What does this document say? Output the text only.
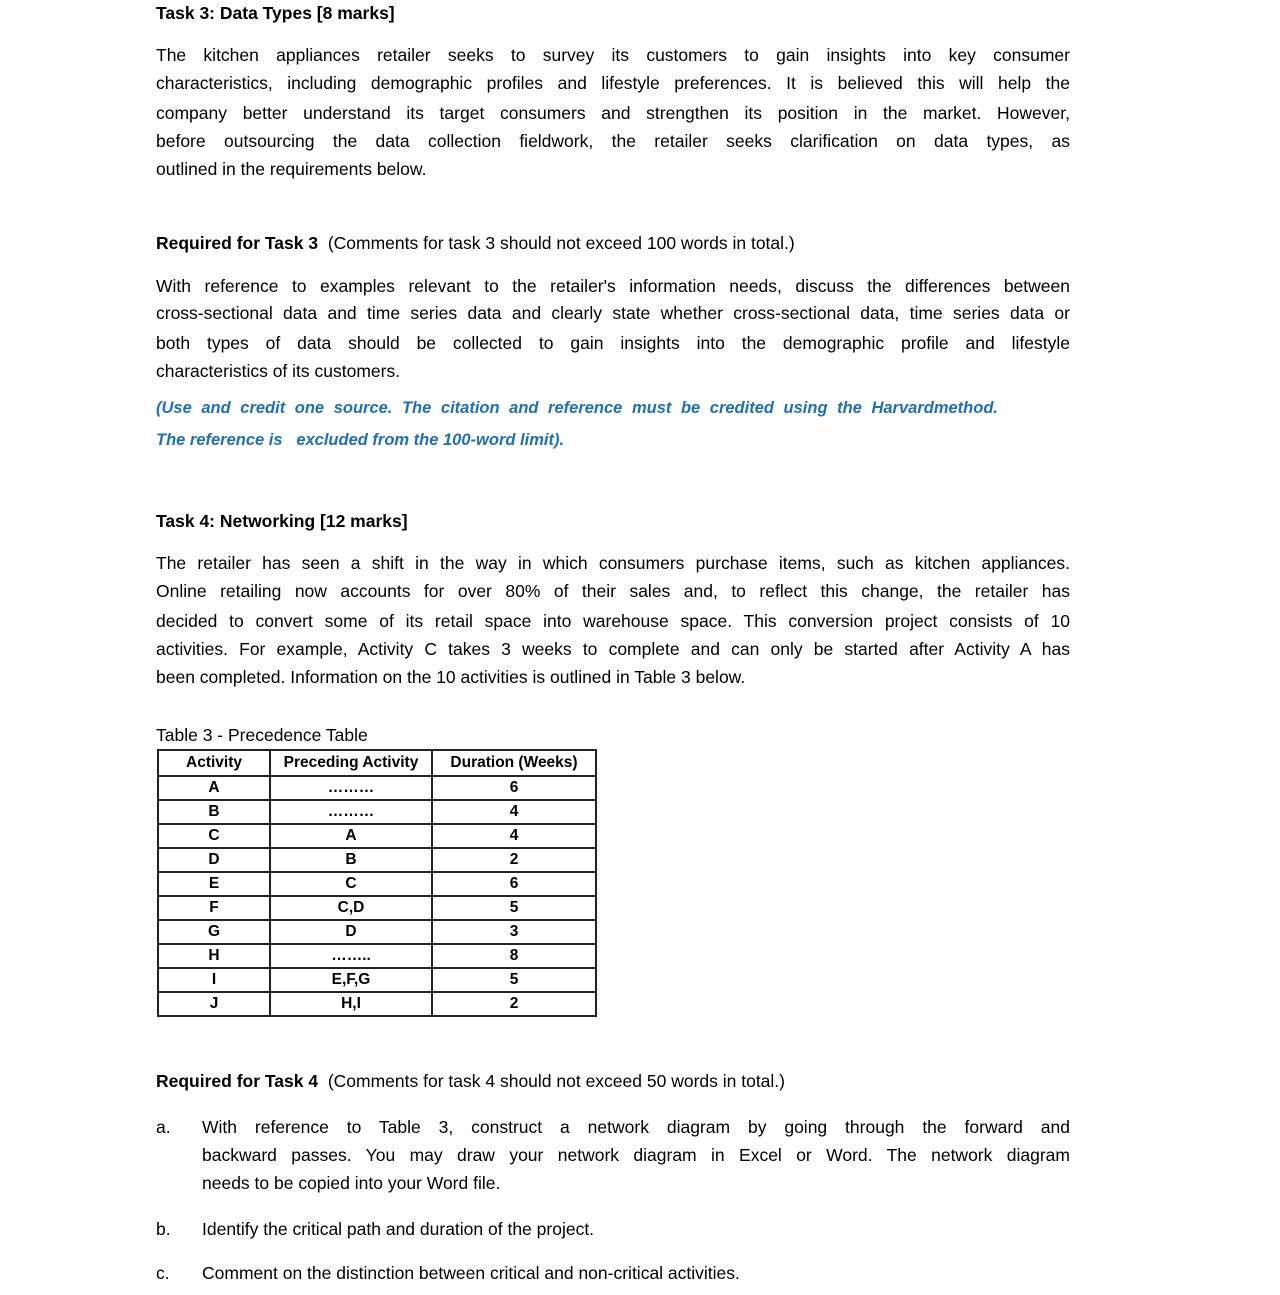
Task 3: Data Types [8 marks]
The kitchen appliances retailer seeks to survey its customers to gain insights into key consumer
characteristics, including demographic profiles and lifestyle preferences. It is believed this will help the
company better understand its target consumers and strengthen its position in the market. However,
before outsourcing the data collection fieldwork, the retailer seeks clarification on data types, as
outlined in the requirements below.
Required for Task 3 (Comments for task 3 should not exceed 100 words in total.)
With reference to examples relevant to the retailer's information needs, discuss the differences between
cross-sectional data and time series data and clearly state whether cross-sectional data, time series data or
both types of data should be collected to gain insights into the demographic profile and lifestyle
characteristics of its customers.
(Use and credit one source. The citation and reference must be credited using the Harvardmethod.
The reference is   excluded from the 100-word limit).
Task 4: Networking [12 marks]
The retailer has seen a shift in the way in which consumers purchase items, such as kitchen appliances.
Online retailing now accounts for over 80% of their sales and, to reflect this change, the retailer has
decided to convert some of its retail space into warehouse space. This conversion project consists of 10
activities. For example, Activity C takes 3 weeks to complete and can only be started after Activity A has
been completed. Information on the 10 activities is outlined in Table 3 below.
Table 3 - Precedence Table
Activity	Preceding Activity	Duration (Weeks)
A	………	6
B	………	4
C	A	4
D	B	2
E	C	6
F	C,D	5
G	D	3
H	……..	8
I	E,F,G	5
J	H,I	2
Required for Task 4 (Comments for task 4 should not exceed 50 words in total.)
a. With reference to Table 3, construct a network diagram by going through the forward and
backward passes. You may draw your network diagram in Excel or Word. The network diagram
needs to be copied into your Word file.
b. Identify the critical path and duration of the project.
c. Comment on the distinction between critical and non-critical activities.
